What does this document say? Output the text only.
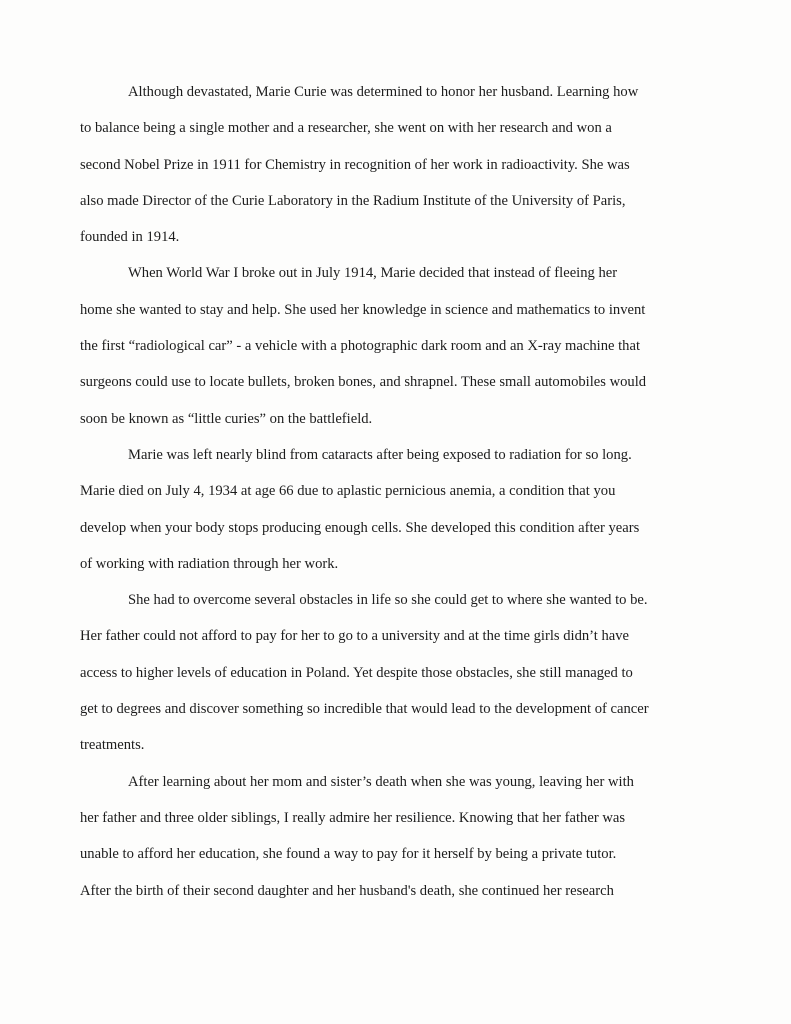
Although devastated, Marie Curie was determined to honor her husband. Learning how
to balance being a single mother and a researcher, she went on with her research and won a
second Nobel Prize in 1911 for Chemistry in recognition of her work in radioactivity. She was
also made Director of the Curie Laboratory in the Radium Institute of the University of Paris,
founded in 1914.
When World War I broke out in July 1914, Marie decided that instead of fleeing her
home she wanted to stay and help. She used her knowledge in science and mathematics to invent
the first “radiological car” - a vehicle with a photographic dark room and an X-ray machine that
surgeons could use to locate bullets, broken bones, and shrapnel. These small automobiles would
soon be known as “little curies” on the battlefield.
Marie was left nearly blind from cataracts after being exposed to radiation for so long.
Marie died on July 4, 1934 at age 66 due to aplastic pernicious anemia, a condition that you
develop when your body stops producing enough cells. She developed this condition after years
of working with radiation through her work.
She had to overcome several obstacles in life so she could get to where she wanted to be.
Her father could not afford to pay for her to go to a university and at the time girls didn’t have
access to higher levels of education in Poland. Yet despite those obstacles, she still managed to
get to degrees and discover something so incredible that would lead to the development of cancer
treatments.
After learning about her mom and sister’s death when she was young, leaving her with
her father and three older siblings, I really admire her resilience. Knowing that her father was
unable to afford her education, she found a way to pay for it herself by being a private tutor.
After the birth of their second daughter and her husband's death, she continued her research
